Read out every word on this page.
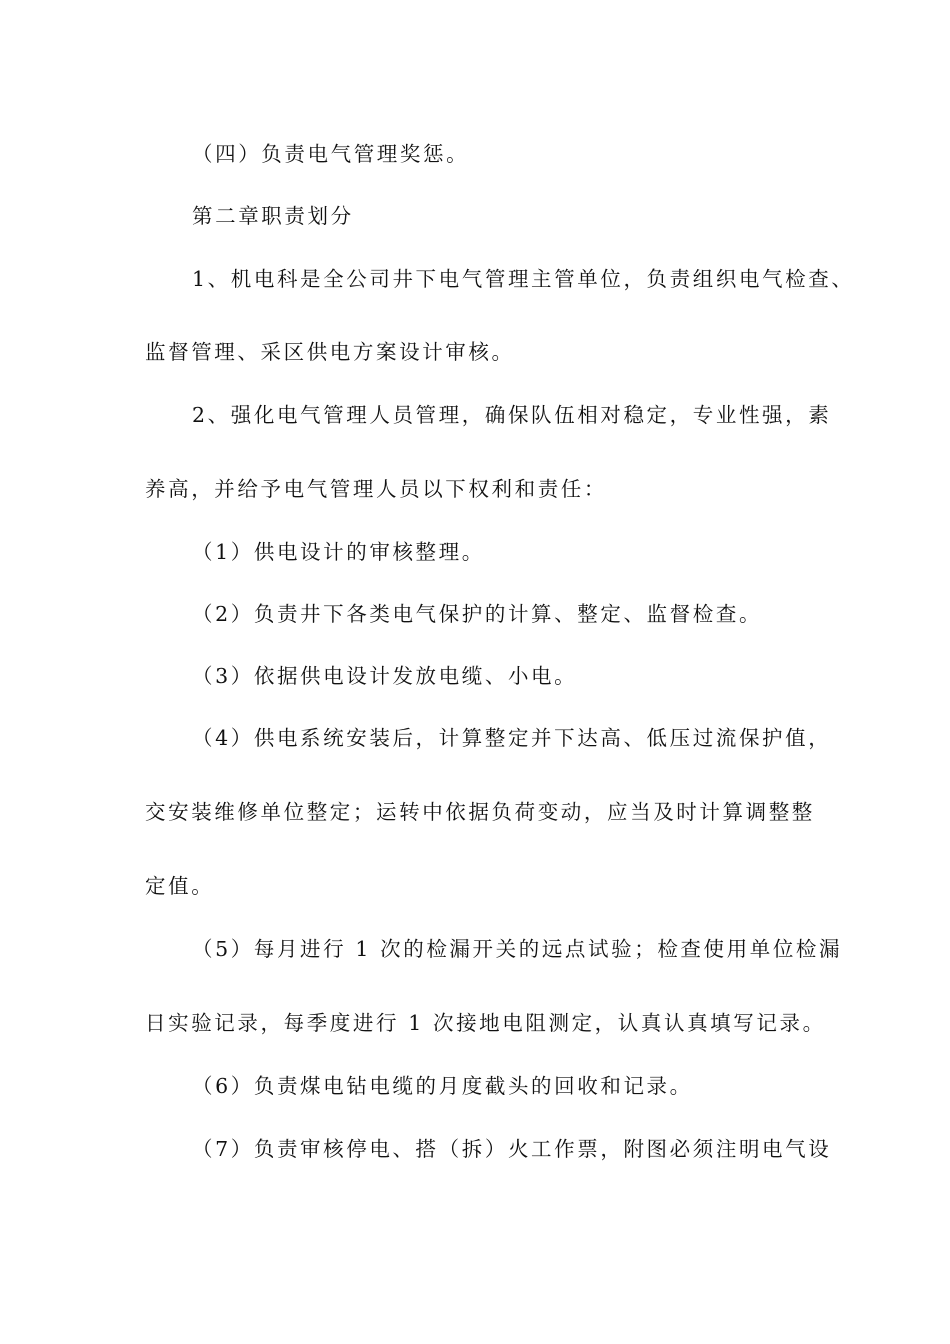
（四）负责电气管理奖惩。
第二章职责划分
1、机电科是全公司井下电气管理主管单位，负责组织电气检查、
监督管理、采区供电方案设计审核。
2、强化电气管理人员管理，确保队伍相对稳定，专业性强，素
养高，并给予电气管理人员以下权利和责任：
（1）供电设计的审核整理。
（2）负责井下各类电气保护的计算、整定、监督检查。
（3）依据供电设计发放电缆、小电。
（4）供电系统安装后，计算整定并下达高、低压过流保护值，
交安装维修单位整定；运转中依据负荷变动，应当及时计算调整整
定值。
（5）每月进行 1 次的检漏开关的远点试验；检查使用单位检漏
日实验记录，每季度进行 1 次接地电阻测定，认真认真填写记录。
（6）负责煤电钻电缆的月度截头的回收和记录。
（7）负责审核停电、搭（拆）火工作票，附图必须注明电气设
